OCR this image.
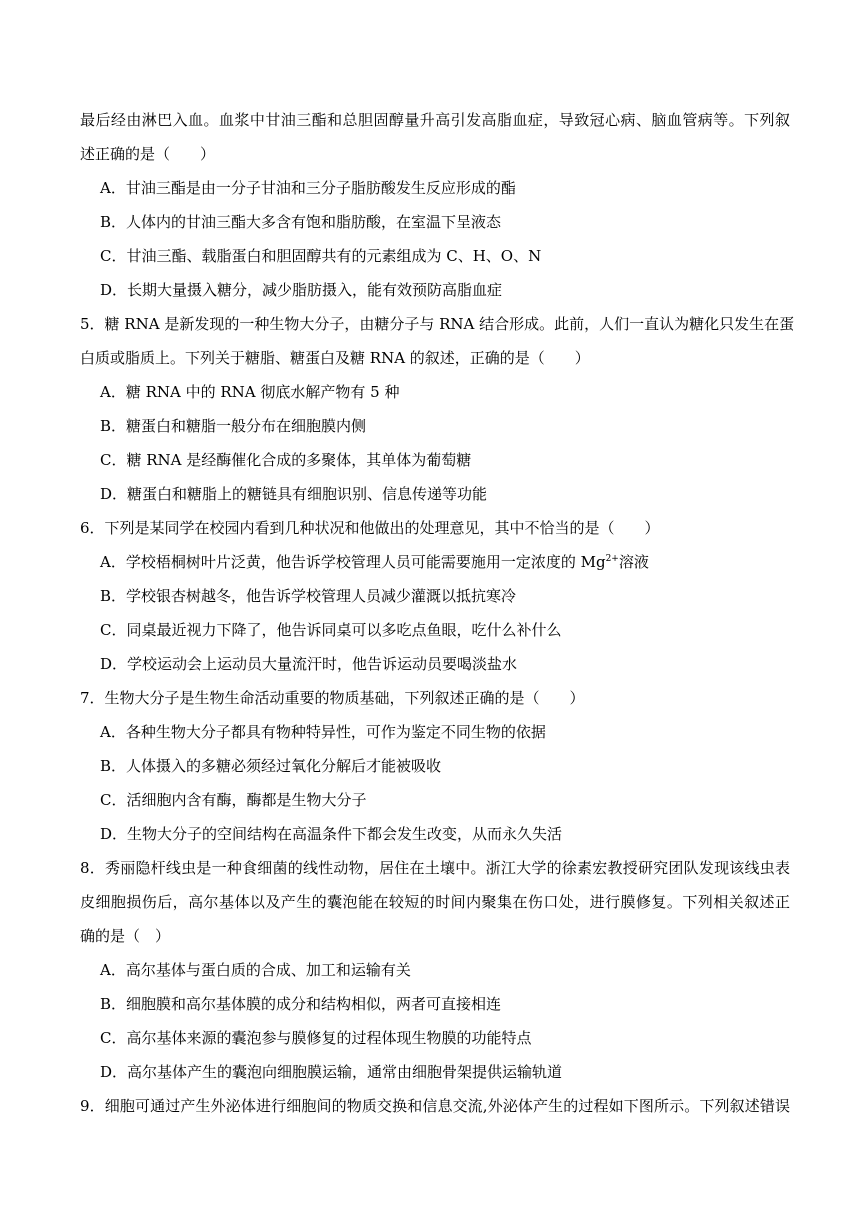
最后经由淋巴入血。血浆中甘油三酯和总胆固醇量升高引发高脂血症，导致冠心病、脑血管病等。下列叙
述正确的是（　　）
A．甘油三酯是由一分子甘油和三分子脂肪酸发生反应形成的酯
B．人体内的甘油三酯大多含有饱和脂肪酸，在室温下呈液态
C．甘油三酯、载脂蛋白和胆固醇共有的元素组成为 C、H、O、N
D．长期大量摄入糖分，减少脂肪摄入，能有效预防高脂血症
5．糖 RNA 是新发现的一种生物大分子，由糖分子与 RNA 结合形成。此前，人们一直认为糖化只发生在蛋
白质或脂质上。下列关于糖脂、糖蛋白及糖 RNA 的叙述，正确的是（　　）
A．糖 RNA 中的 RNA 彻底水解产物有 5 种
B．糖蛋白和糖脂一般分布在细胞膜内侧
C．糖 RNA 是经酶催化合成的多聚体，其单体为葡萄糖
D．糖蛋白和糖脂上的糖链具有细胞识别、信息传递等功能
6．下列是某同学在校园内看到几种状况和他做出的处理意见，其中不恰当的是（　　）
A．学校梧桐树叶片泛黄，他告诉学校管理人员可能需要施用一定浓度的 $Mg^{2+}$溶液
B．学校银杏树越冬，他告诉学校管理人员减少灌溉以抵抗寒冷
C．同桌最近视力下降了，他告诉同桌可以多吃点鱼眼，吃什么补什么
D．学校运动会上运动员大量流汗时，他告诉运动员要喝淡盐水
7．生物大分子是生物生命活动重要的物质基础，下列叙述正确的是（　　）
A．各种生物大分子都具有物种特异性，可作为鉴定不同生物的依据
B．人体摄入的多糖必须经过氧化分解后才能被吸收
C．活细胞内含有酶，酶都是生物大分子
D．生物大分子的空间结构在高温条件下都会发生改变，从而永久失活
8．秀丽隐杆线虫是一种食细菌的线性动物，居住在土壤中。浙江大学的徐素宏教授研究团队发现该线虫表
皮细胞损伤后，高尔基体以及产生的囊泡能在较短的时间内聚集在伤口处，进行膜修复。下列相关叙述正
确的是（　）
A．高尔基体与蛋白质的合成、加工和运输有关
B．细胞膜和高尔基体膜的成分和结构相似，两者可直接相连
C．高尔基体来源的囊泡参与膜修复的过程体现生物膜的功能特点
D．高尔基体产生的囊泡向细胞膜运输，通常由细胞骨架提供运输轨道
9．细胞可通过产生外泌体进行细胞间的物质交换和信息交流,外泌体产生的过程如下图所示。下列叙述错误
